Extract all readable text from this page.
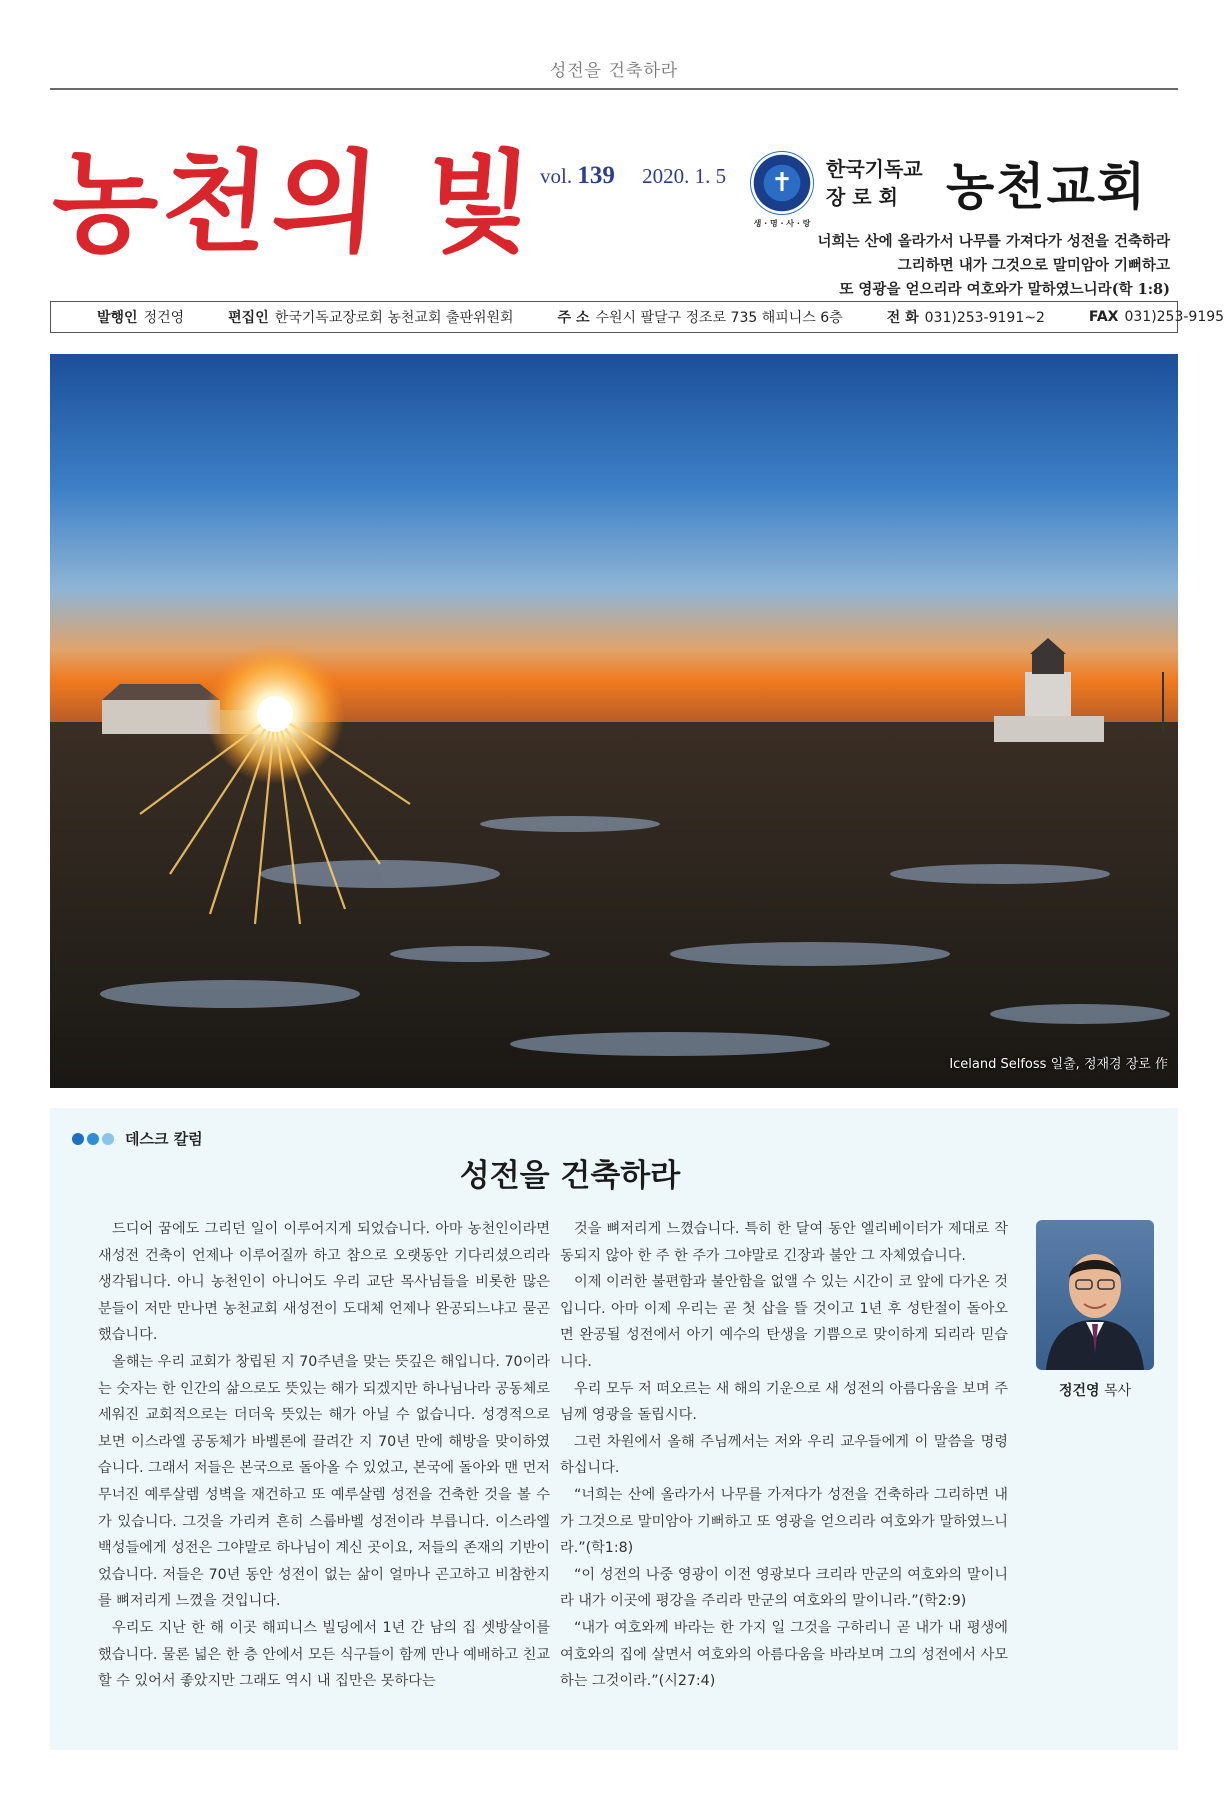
성전을 건축하라
농천의 빛 vol. 139 2020. 1. 5	✝
생 · 명 · 사 · 랑
한국기독교
장 로 회 농천교회
너희는 산에 올라가서 나무를 가져다가 성전을 건축하라
그리하면 내가 그것으로 말미암아 기뻐하고
또 영광을 얻으리라 여호와가 말하였느니라(학 1:8)
발행인 정건영	편집인 한국기독교장로회 농천교회 출판위원회	주 소 수원시 팔달구 정조로 735 해피니스 6층	전 화 031)253-9191~2	FAX 031)253-9195
Iceland Selfoss 일출, 정재경 장로 作
데스크 칼럼
성전을 건축하라

드디어 꿈에도 그리던 일이 이루어지게 되었습니다. 아마 농천인이라면 새성전 건축이 언제나 이루어질까 하고 참으로 오랫동안 기다리셨으리라 생각됩니다. 아니 농천인이 아니어도 우리 교단 목사님들을 비롯한 많은 분들이 저만 만나면 농천교회 새성전이 도대체 언제나 완공되느냐고 묻곤 했습니다.

올해는 우리 교회가 창립된 지 70주년을 맞는 뜻깊은 해입니다. 70이라는 숫자는 한 인간의 삶으로도 뜻있는 해가 되겠지만 하나님나라 공동체로 세워진 교회적으로는 더더욱 뜻있는 해가 아닐 수 없습니다. 성경적으로 보면 이스라엘 공동체가 바벨론에 끌려간 지 70년 만에 해방을 맞이하였습니다. 그래서 저들은 본국으로 돌아올 수 있었고, 본국에 돌아와 맨 먼저 무너진 예루살렘 성벽을 재건하고 또 예루살렘 성전을 건축한 것을 볼 수가 있습니다. 그것을 가리켜 흔히 스룹바벨 성전이라 부릅니다. 이스라엘 백성들에게 성전은 그야말로 하나님이 계신 곳이요, 저들의 존재의 기반이었습니다. 저들은 70년 동안 성전이 없는 삶이 얼마나 곤고하고 비참한지를 뼈저리게 느꼈을 것입니다.

우리도 지난 한 해 이곳 해피니스 빌딩에서 1년 간 남의 집 셋방살이를 했습니다. 물론 넓은 한 층 안에서 모든 식구들이 함께 만나 예배하고 친교할 수 있어서 좋았지만 그래도 역시 내 집만은 못하다는

것을 뼈저리게 느꼈습니다. 특히 한 달여 동안 엘리베이터가 제대로 작동되지 않아 한 주 한 주가 그야말로 긴장과 불안 그 자체였습니다.

이제 이러한 불편함과 불안함을 없앨 수 있는 시간이 코 앞에 다가온 것입니다. 아마 이제 우리는 곧 첫 삽을 뜰 것이고 1년 후 성탄절이 돌아오면 완공될 성전에서 아기 예수의 탄생을 기쁨으로 맞이하게 되리라 믿습니다.

우리 모두 저 떠오르는 새 해의 기운으로 새 성전의 아름다움을 보며 주님께 영광을 돌립시다.

그런 차원에서 올해 주님께서는 저와 우리 교우들에게 이 말씀을 명령하십니다.

“너희는 산에 올라가서 나무를 가져다가 성전을 건축하라 그리하면 내가 그것으로 말미암아 기뻐하고 또 영광을 얻으리라 여호와가 말하였느니라.”(학1:8)

“이 성전의 나중 영광이 이전 영광보다 크리라 만군의 여호와의 말이니라 내가 이곳에 평강을 주리라 만군의 여호와의 말이니라.”(학2:9)

“내가 여호와께 바라는 한 가지 일 그것을 구하리니 곧 내가 내 평생에 여호와의 집에 살면서 여호와의 아름다움을 바라보며 그의 성전에서 사모하는 그것이라.”(시27:4)

정건영 목사
